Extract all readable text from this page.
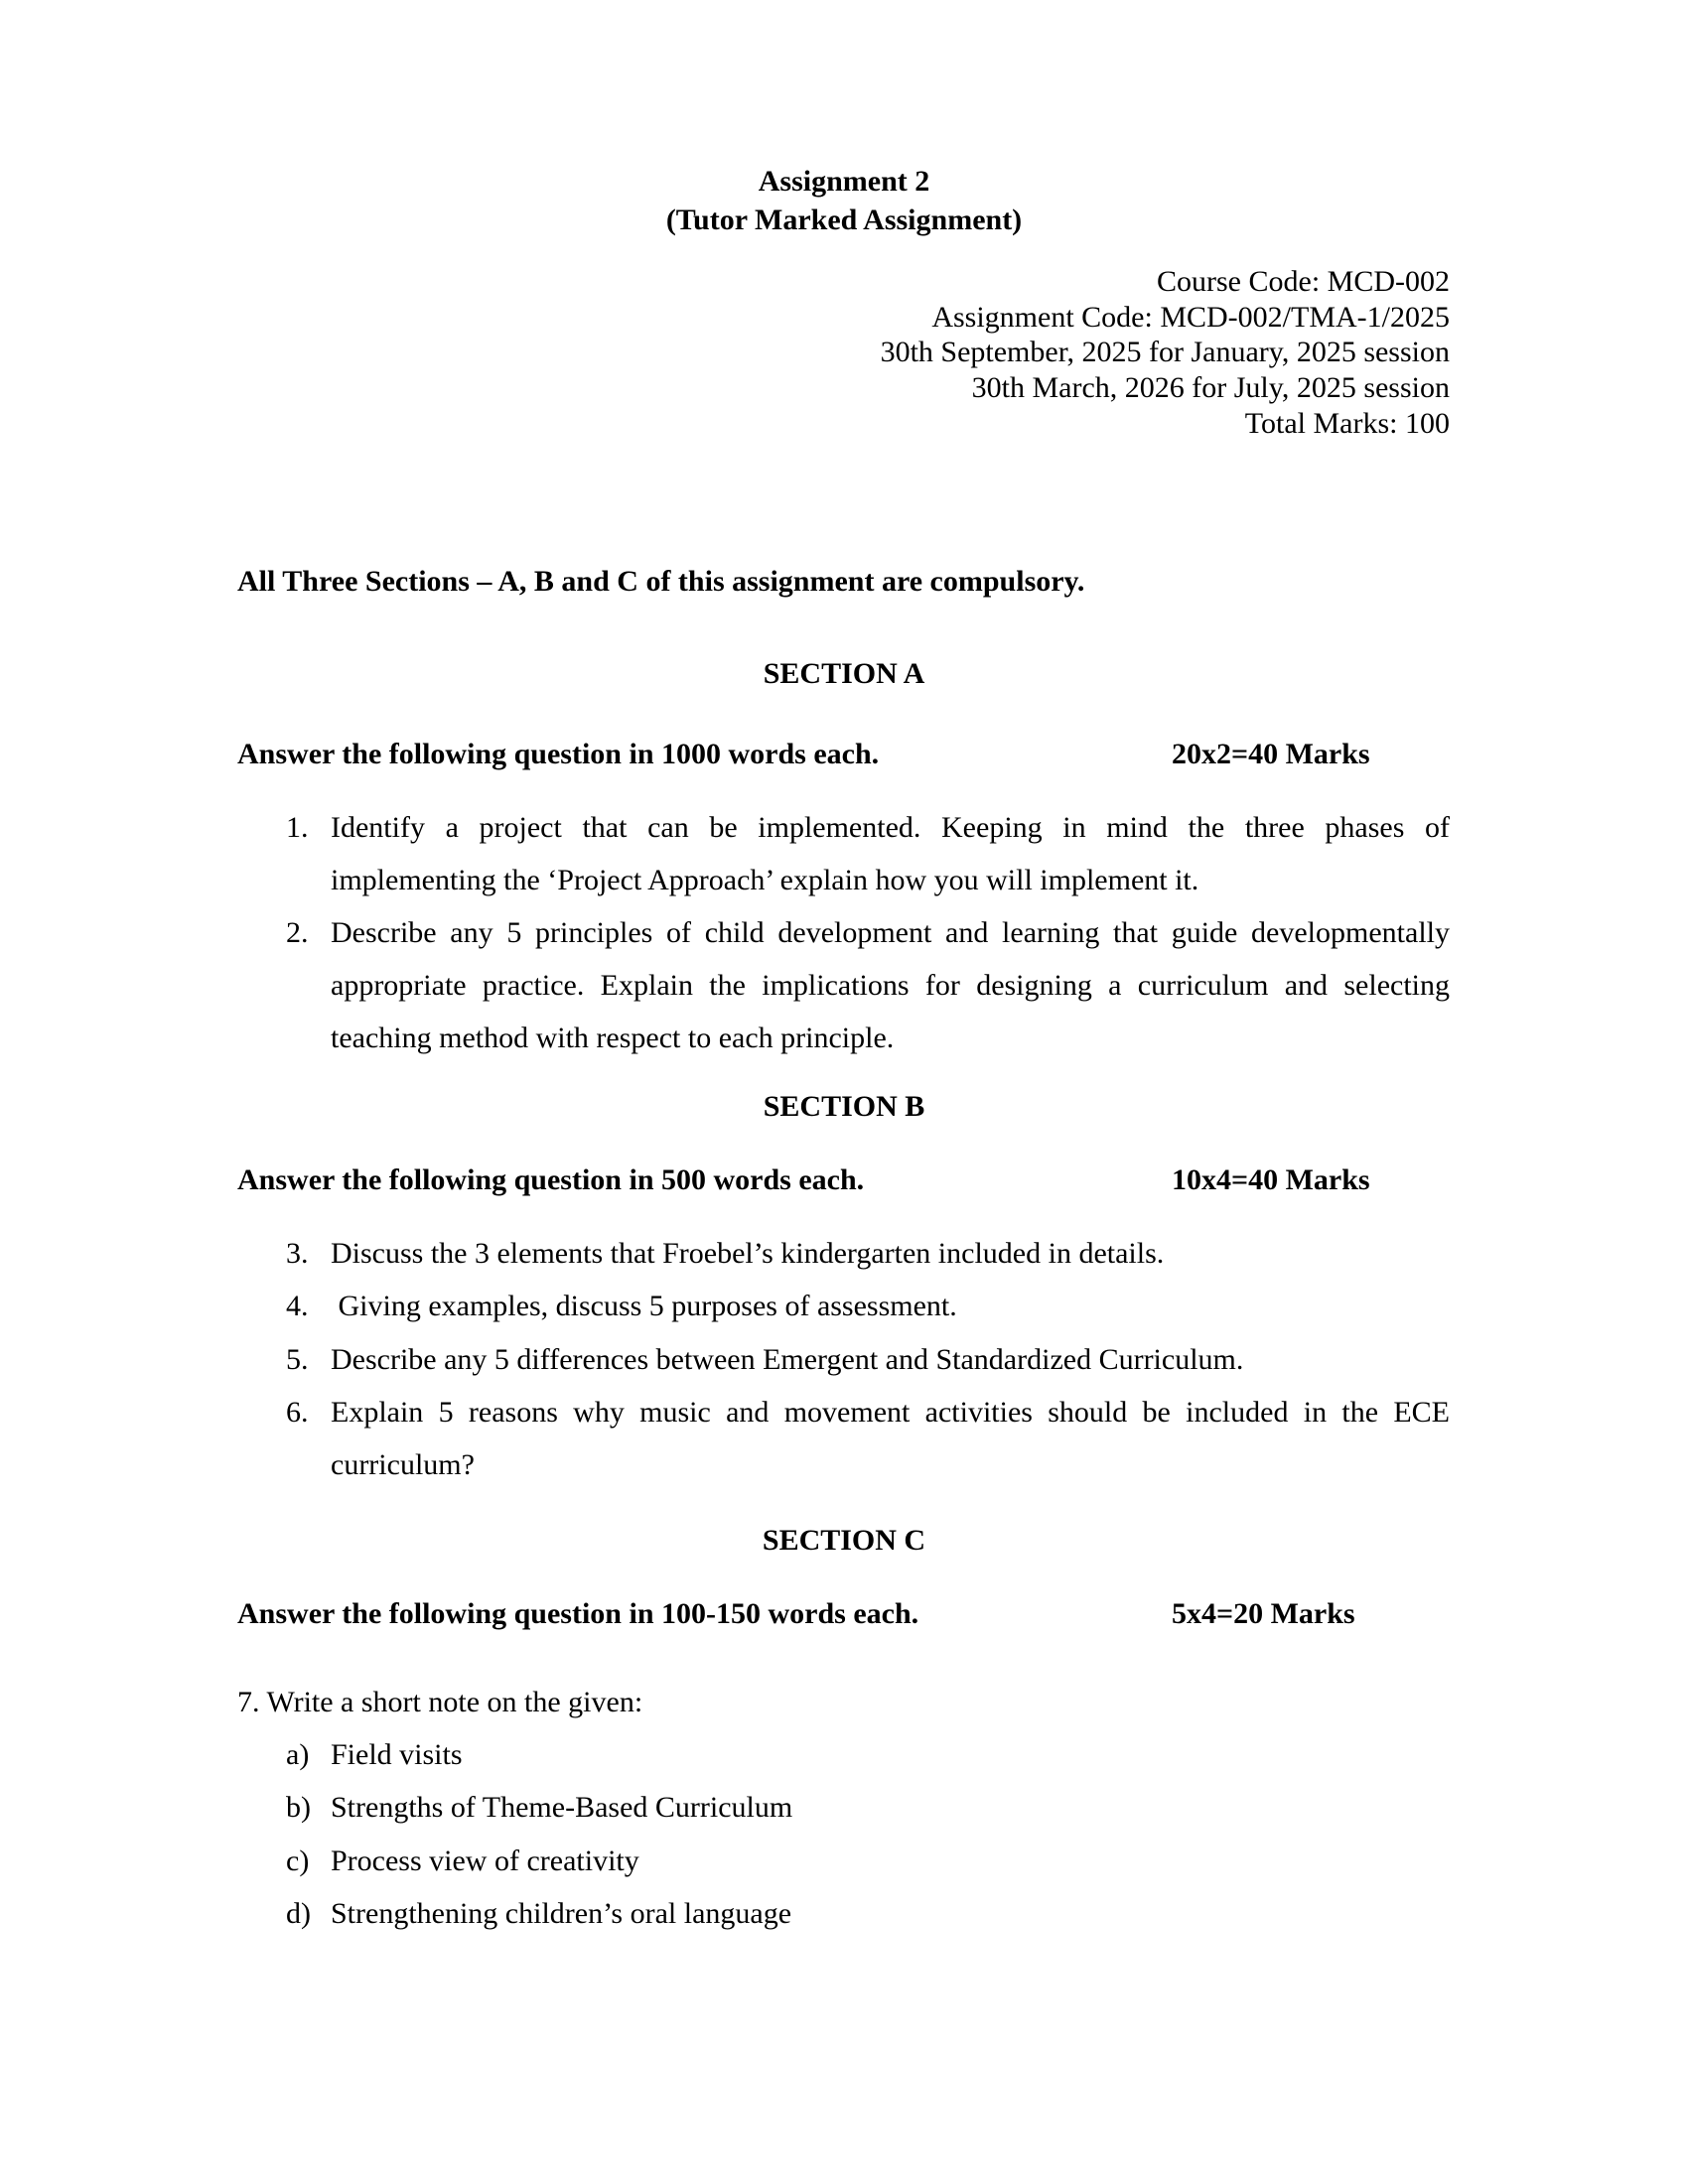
Assignment 2
(Tutor Marked Assignment)
Course Code: MCD-002
Assignment Code: MCD-002/TMA-1/2025
30th September, 2025 for January, 2025 session
30th March, 2026 for July, 2025 session
Total Marks: 100
All Three Sections – A, B and C of this assignment are compulsory.
SECTION A
Answer the following question in 1000 words each.	20x2=40 Marks
1. Identify a project that can be implemented. Keeping in mind the three phases of
implementing the ‘Project Approach’ explain how you will implement it.
2. Describe any 5 principles of child development and learning that guide developmentally
appropriate practice. Explain the implications for designing a curriculum and selecting
teaching method with respect to each principle.
SECTION B
Answer the following question in 500 words each.	10x4=40 Marks
3. Discuss the 3 elements that Froebel’s kindergarten included in details.
4. Giving examples, discuss 5 purposes of assessment.
5. Describe any 5 differences between Emergent and Standardized Curriculum.
6. Explain 5 reasons why music and movement activities should be included in the ECE
curriculum?
SECTION C
Answer the following question in 100-150 words each.	5x4=20 Marks
7. Write a short note on the given:
a) Field visits
b) Strengths of Theme-Based Curriculum
c) Process view of creativity
d) Strengthening children’s oral language
